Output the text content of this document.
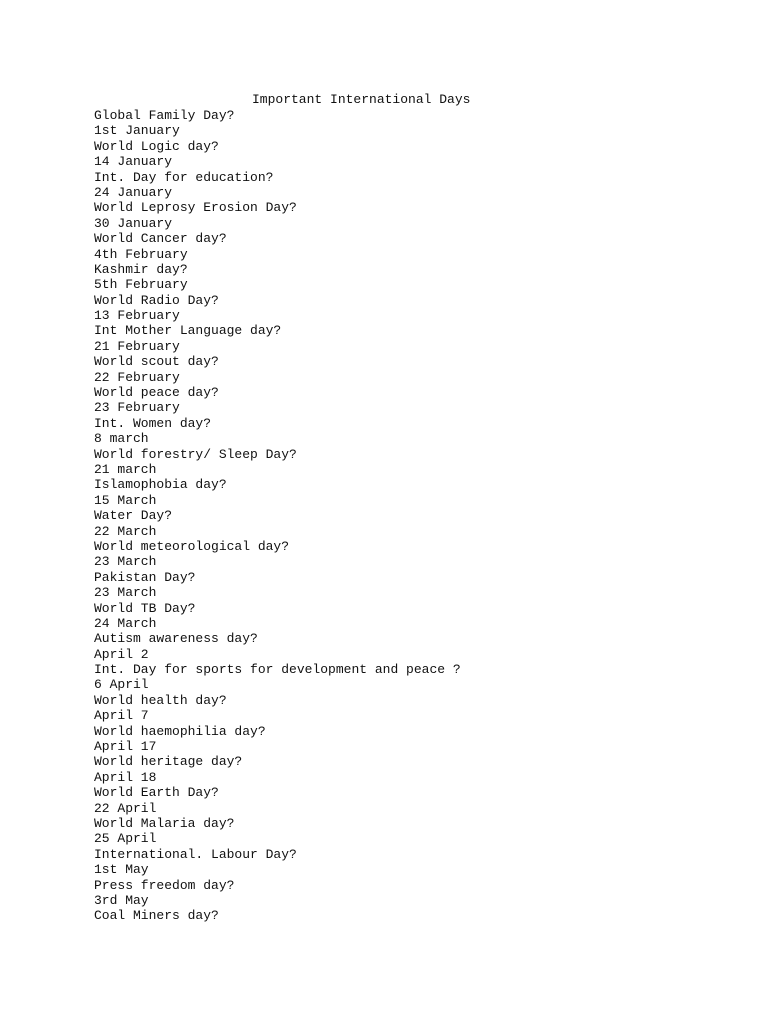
Important International Days
Global Family Day?
1st January
World Logic day?
14 January
Int. Day for education?
24 January
World Leprosy Erosion Day?
30 January
World Cancer day?
4th February
Kashmir day?
5th February
World Radio Day?
13 February
Int Mother Language day?
21 February
World scout day?
22 February
World peace day?
23 February
Int. Women day?
8 march
World forestry/ Sleep Day?
21 march
Islamophobia day?
15 March
Water Day?
22 March
World meteorological day?
23 March
Pakistan Day?
23 March
World TB Day?
24 March
Autism awareness day?
April 2
Int. Day for sports for development and peace ?
6 April
World health day?
April 7
World haemophilia day?
April 17
World heritage day?
April 18
World Earth Day?
22 April
World Malaria day?
25 April
International. Labour Day?
1st May
Press freedom day?
3rd May
Coal Miners day?
